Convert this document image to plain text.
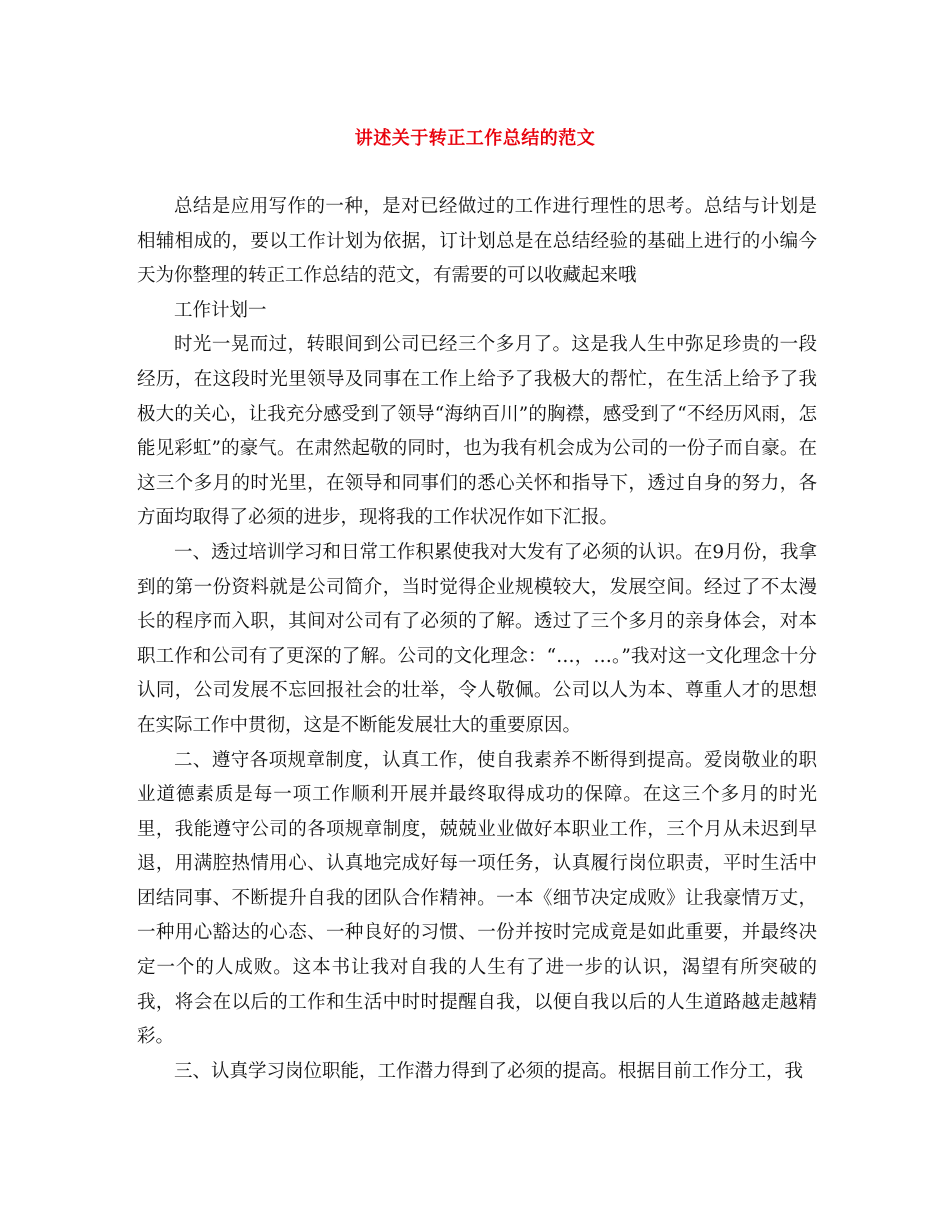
讲述关于转正工作总结的范文

总结是应用写作的一种，是对已经做过的工作进行理性的思考。总结与计划是相辅相成的，要以工作计划为依据，订计划总是在总结经验的基础上进行的小编今天为你整理的转正工作总结的范文，有需要的可以收藏起来哦

工作计划一

时光一晃而过，转眼间到公司已经三个多月了。这是我人生中弥足珍贵的一段经历，在这段时光里领导及同事在工作上给予了我极大的帮忙，在生活上给予了我极大的关心，让我充分感受到了领导“海纳百川”的胸襟，感受到了“不经历风雨，怎能见彩虹”的豪气。在肃然起敬的同时，也为我有机会成为公司的一份子而自豪。在这三个多月的时光里，在领导和同事们的悉心关怀和指导下，透过自身的努力，各方面均取得了必须的进步，现将我的工作状况作如下汇报。

一、透过培训学习和日常工作积累使我对大发有了必须的认识。在9月份，我拿到的第一份资料就是公司简介，当时觉得企业规模较大，发展空间。经过了不太漫长的程序而入职，其间对公司有了必须的了解。透过了三个多月的亲身体会，对本职工作和公司有了更深的了解。公司的文化理念：“…，…。”我对这一文化理念十分认同，公司发展不忘回报社会的壮举，令人敬佩。公司以人为本、尊重人才的思想在实际工作中贯彻，这是不断能发展壮大的重要原因。

二、遵守各项规章制度，认真工作，使自我素养不断得到提高。爱岗敬业的职业道德素质是每一项工作顺利开展并最终取得成功的保障。在这三个多月的时光里，我能遵守公司的各项规章制度，兢兢业业做好本职业工作，三个月从未迟到早退，用满腔热情用心、认真地完成好每一项任务，认真履行岗位职责，平时生活中团结同事、不断提升自我的团队合作精神。一本《细节决定成败》让我豪情万丈，一种用心豁达的心态、一种良好的习惯、一份并按时完成竟是如此重要，并最终决定一个的人成败。这本书让我对自我的人生有了进一步的认识，渴望有所突破的我，将会在以后的工作和生活中时时提醒自我，以便自我以后的人生道路越走越精彩。

三、认真学习岗位职能，工作潜力得到了必须的提高。根据目前工作分工，我
